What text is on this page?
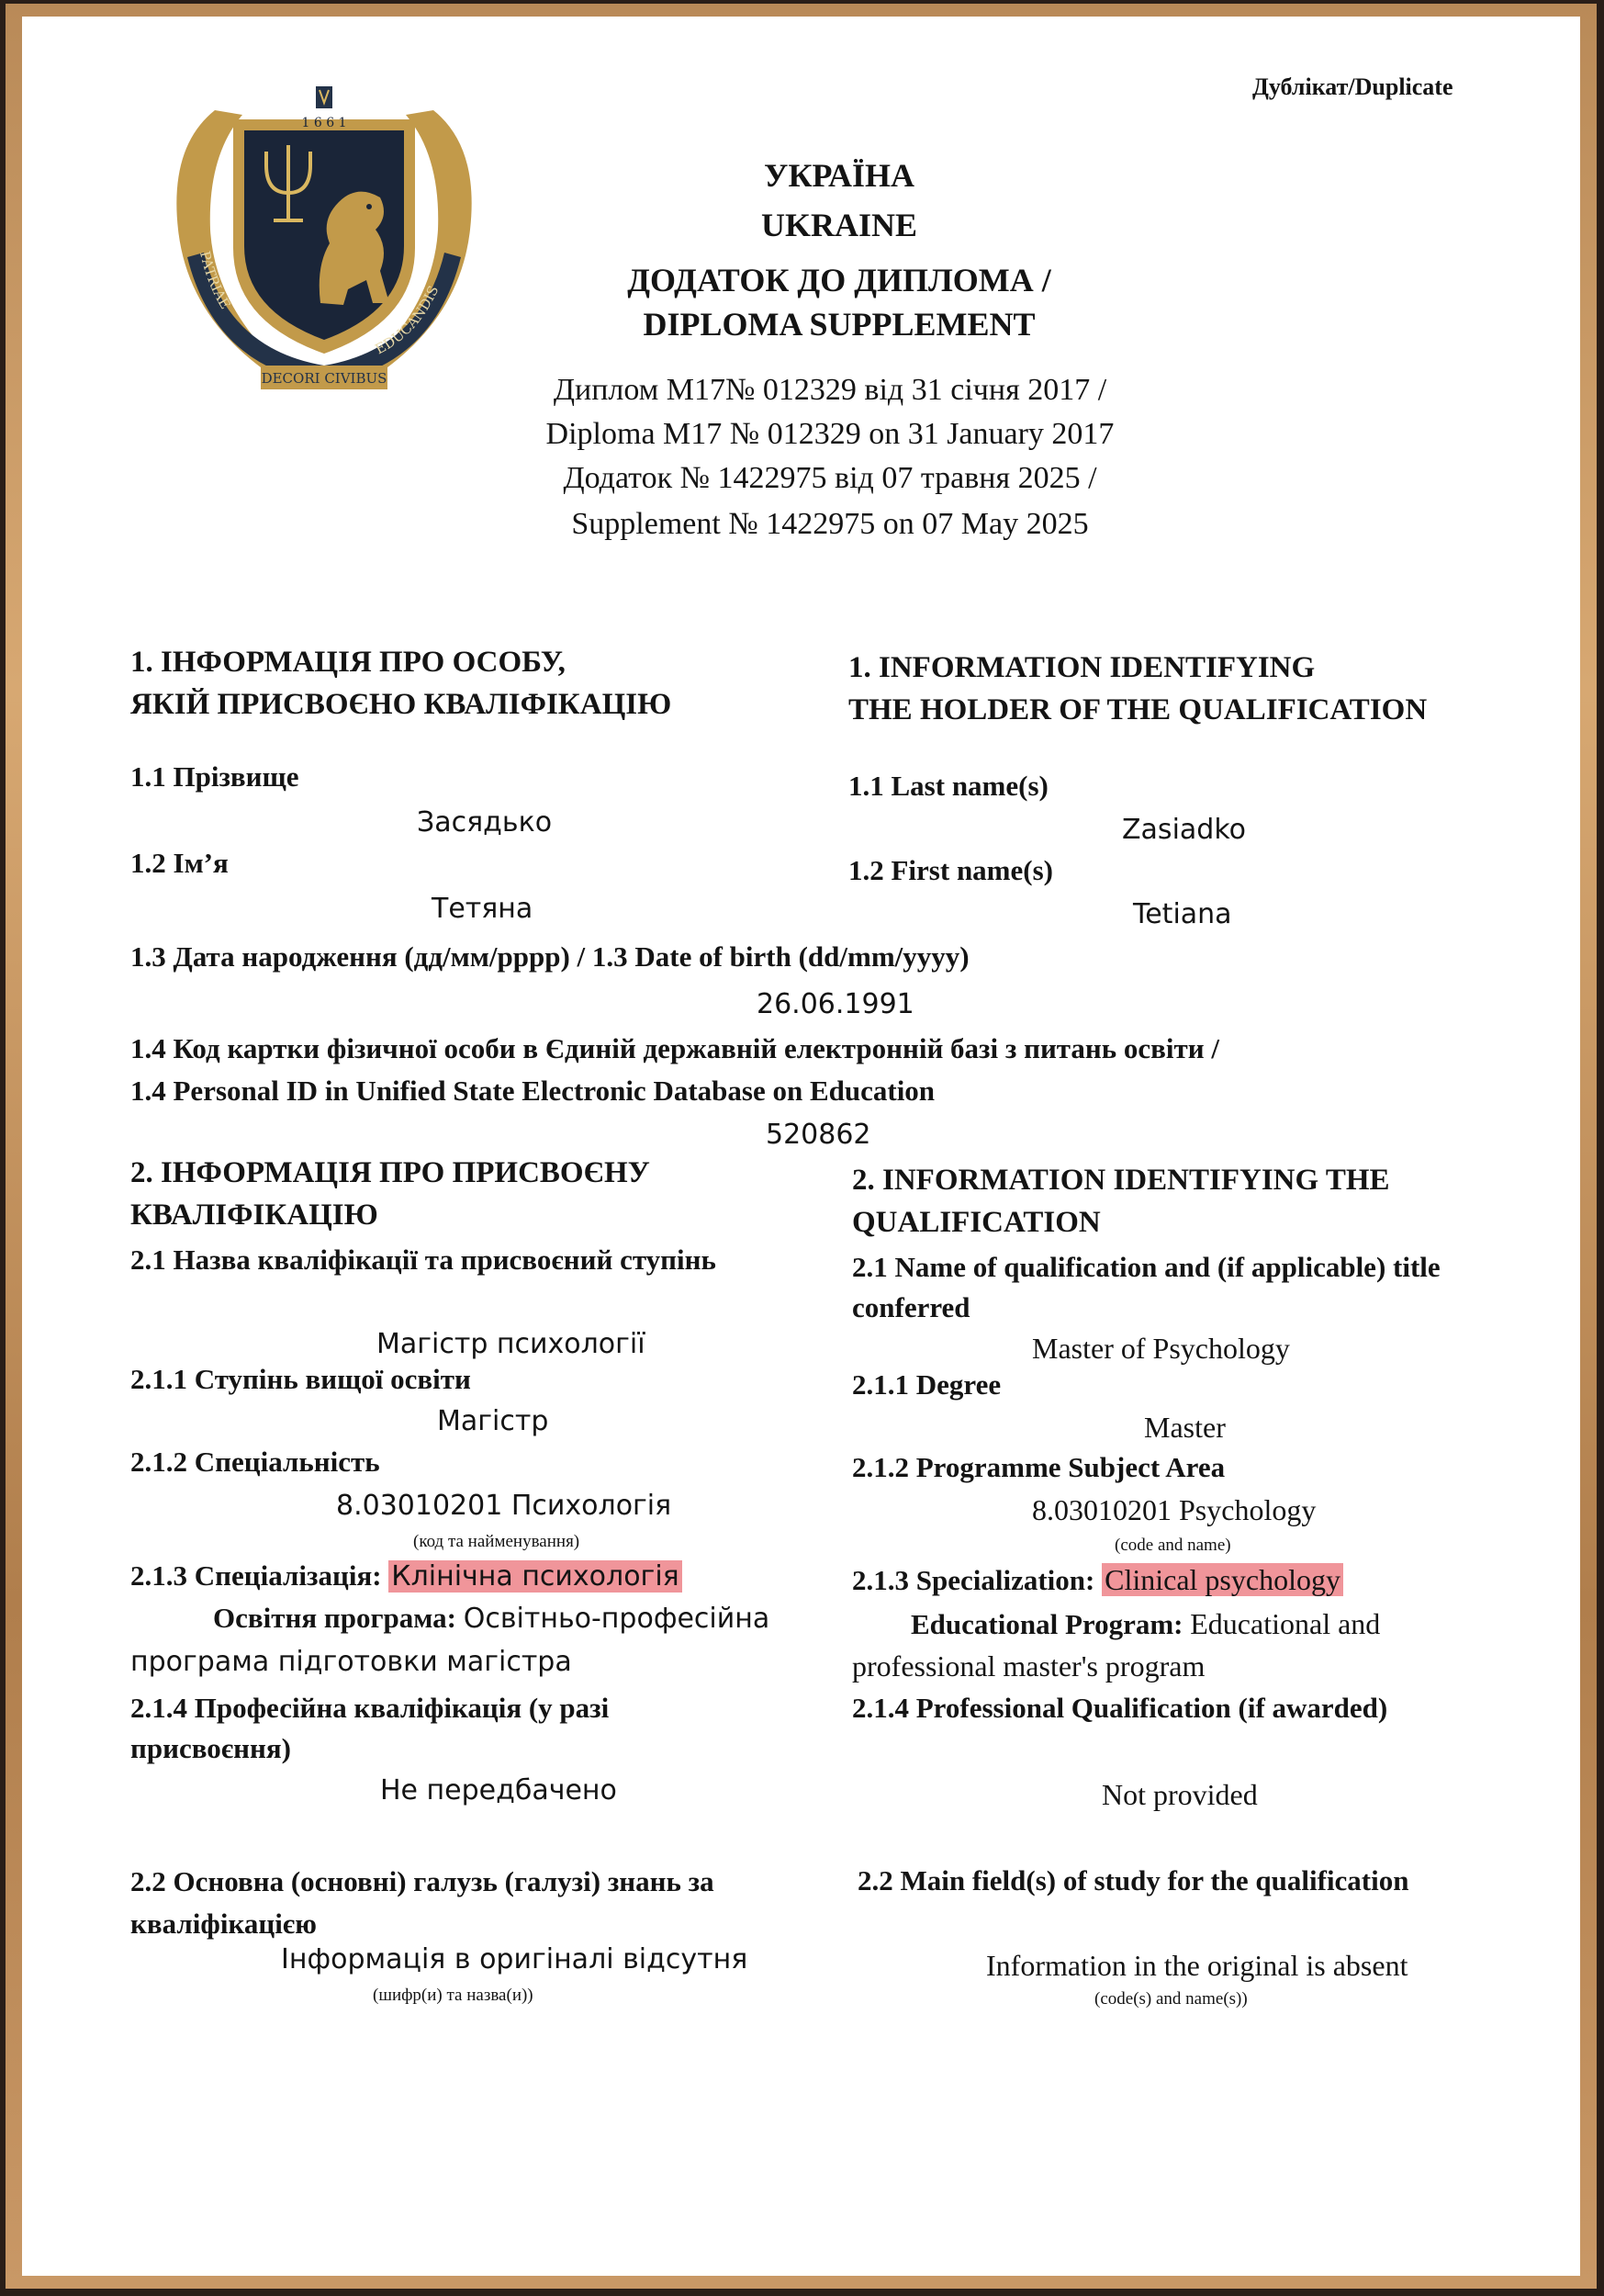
PATRIAE
EDUCANDIS
DECORI CIVIBUS
1 6 6 1
Дублікат/Duplicate
УКРАЇНА
UKRAINE
ДОДАТОК ДО ДИПЛОМА /
DIPLOMA SUPPLEMENT
Диплом М17№ 012329 від 31 січня 2017 /
Diploma M17 № 012329 on 31 January 2017
Додаток № 1422975 від 07 травня 2025 /
Supplement № 1422975 on 07 May 2025
1. ІНФОРМАЦІЯ ПРО ОСОБУ,
ЯКІЙ ПРИСВОЄНО КВАЛІФІКАЦІЮ
1. INFORMATION IDENTIFYING
THE HOLDER OF THE QUALIFICATION
1.1 Прізвище
Засядько
1.1 Last name(s)
Zasiadko
1.2 Ім’я
Тетяна
1.2 First name(s)
Tetiana
1.3 Дата народження (дд/мм/рррр) / 1.3 Date of birth (dd/mm/yyyy)
26.06.1991
1.4 Код картки фізичної особи в Єдиній державній електронній базі з питань освіти /
1.4 Personal ID in Unified State Electronic Database on Education
520862
2. ІНФОРМАЦІЯ ПРО ПРИСВОЄНУ
КВАЛІФІКАЦІЮ
2. INFORMATION IDENTIFYING THE
QUALIFICATION
2.1 Назва кваліфікації та присвоєний ступінь	2.1 Name of qualification and (if applicable) title
conferred
Магістр психології	Master of Psychology
2.1.1 Ступінь вищої освіти	2.1.1 Degree
Магістр	Master
2.1.2 Спеціальність	2.1.2 Programme Subject Area
8.03010201 Психологія	8.03010201 Psychology
(код та найменування)	(code and name)
2.1.3 Спеціалізація: Клінічна психологія	2.1.3 Specialization: Clinical psychology
Освітня програма: Освітньо-професійна
програма підготовки магістра
Educational Program: Educational and
professional master's program
2.1.4 Професійна кваліфікація (у разі
присвоєння)
2.1.4 Professional Qualification (if awarded)
Не передбачено	Not provided
2.2 Основна (основні) галузь (галузі) знань за
кваліфікацією
2.2 Main field(s) of study for the qualification
Інформація в оригіналі відсутня	Information in the original is absent
(шифр(и) та назва(и))	(code(s) and name(s))
